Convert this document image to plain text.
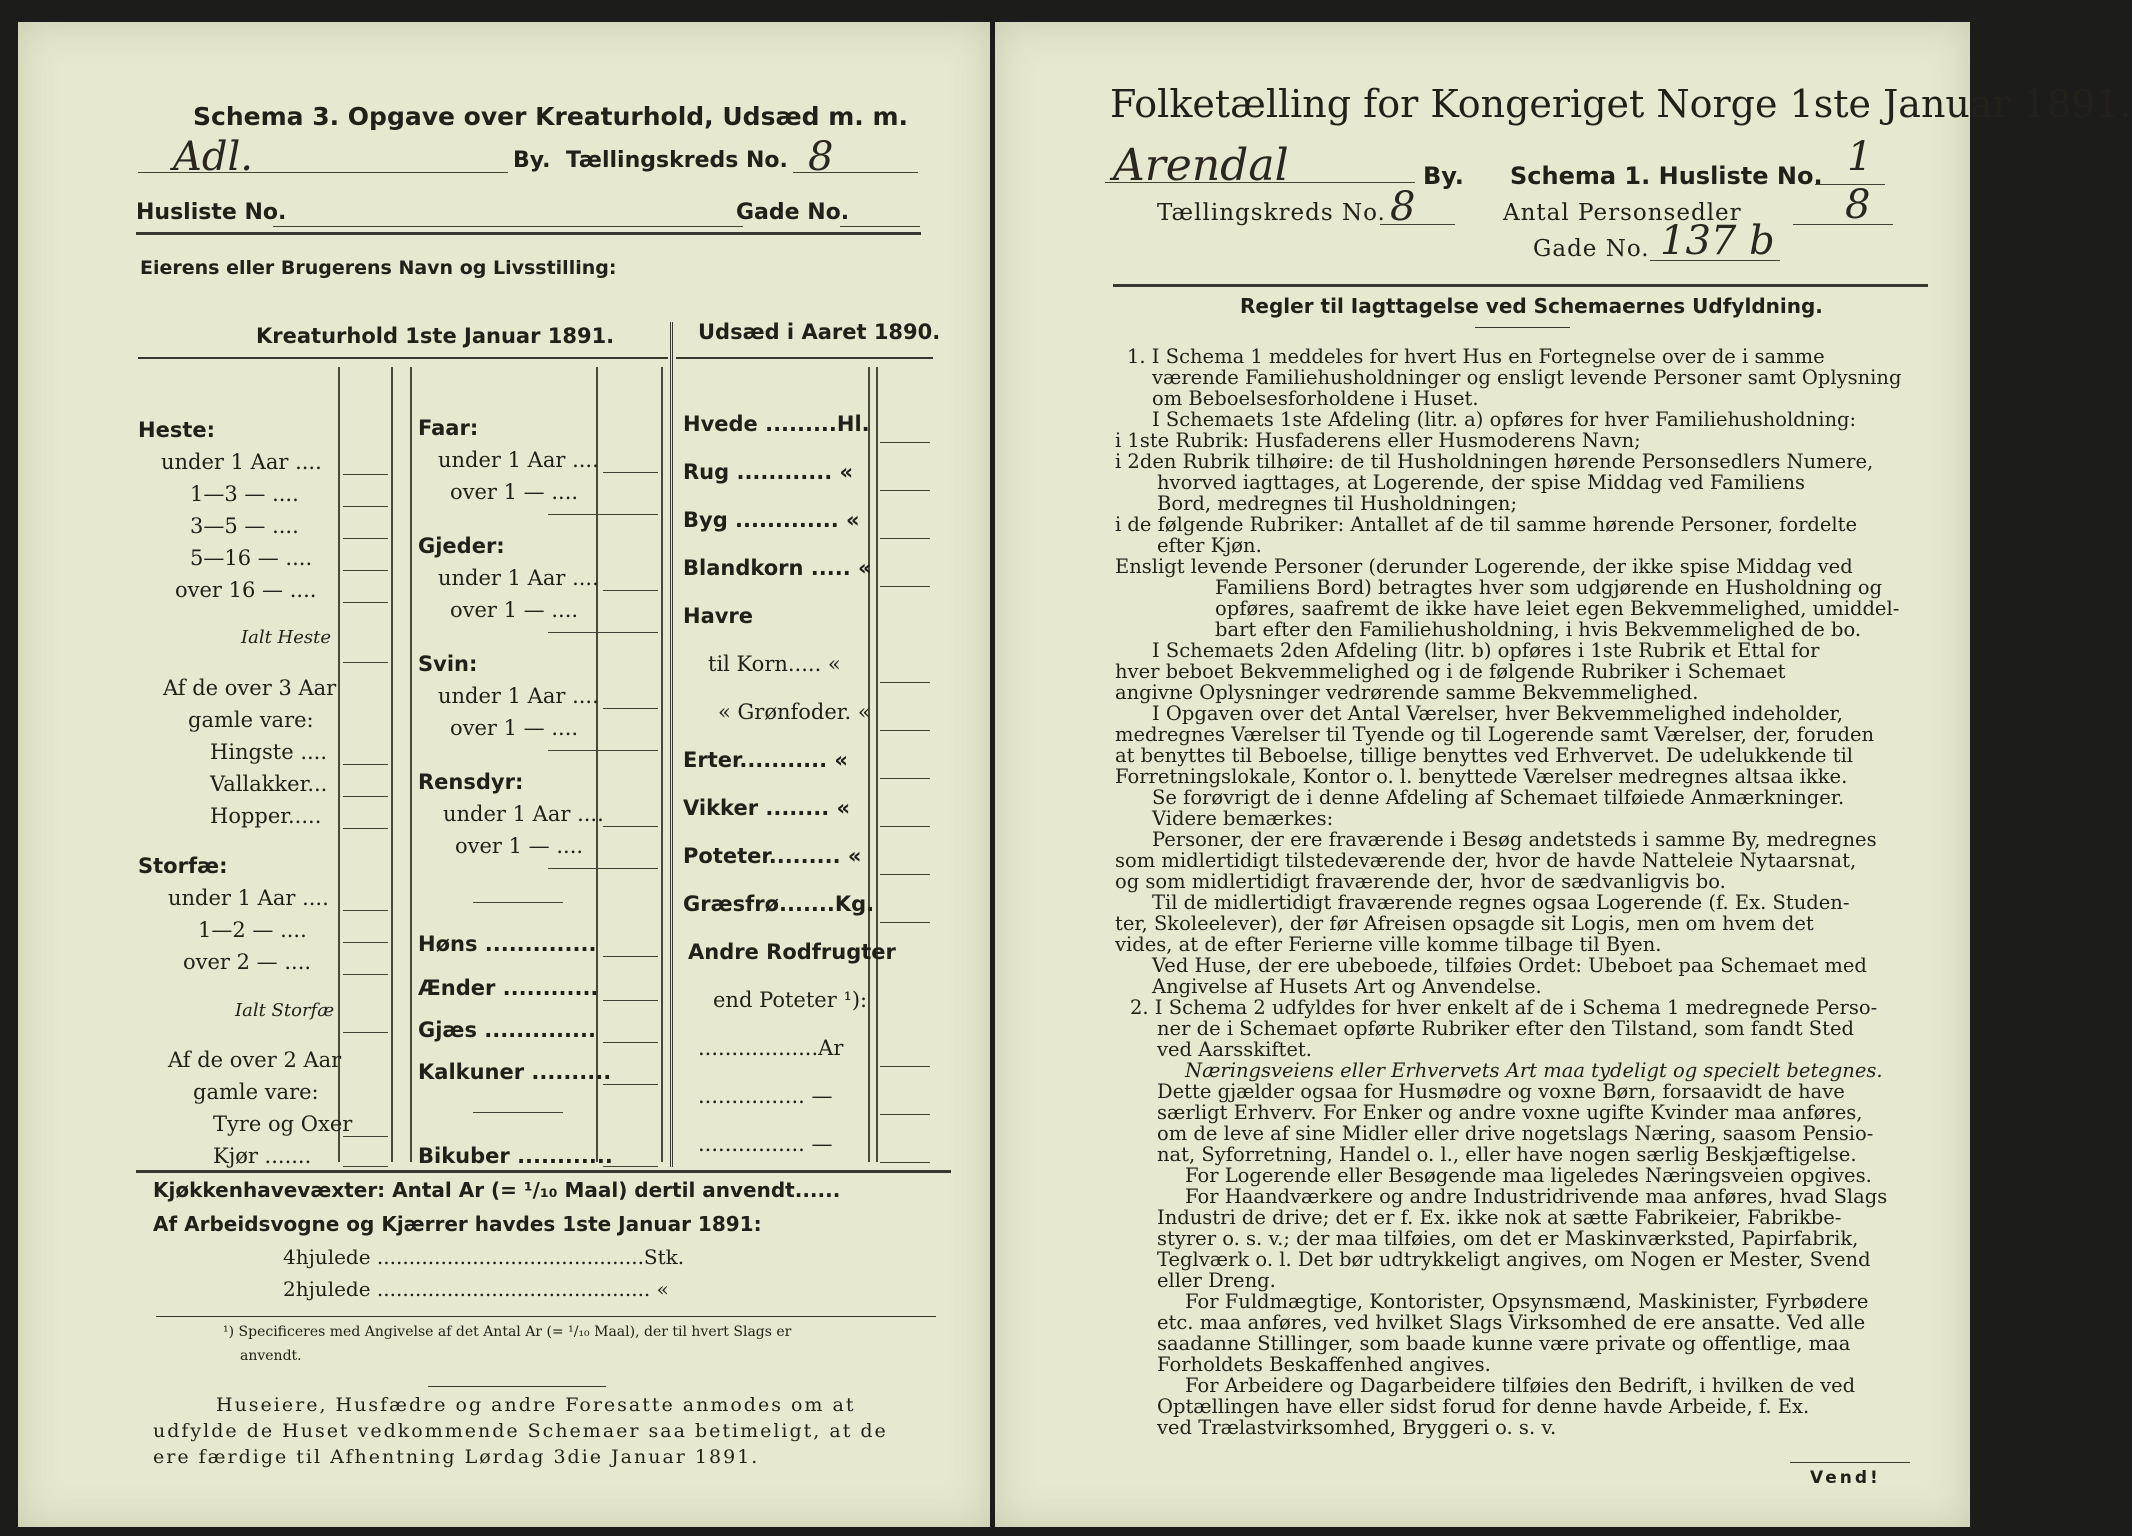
Schema 3. Opgave over Kreaturhold, Udsæd m. m.
Adl.	By. Tællingskreds No. 8
Husliste No.	Gade No.
Eierens eller Brugerens Navn og Livsstilling:
Kreaturhold 1ste Januar 1891.	Udsæd i Aaret 1890.
Heste:
under 1 Aar ....
1—3 — ....
3—5 — ....
5—16 — ....
over 16 — ....
Ialt Heste
Af de over 3 Aar
gamle vare:
Hingste ....
Vallakker...
Hopper.....
Storfæ:
under 1 Aar ....
1—2 — ....
over 2 — ....
Ialt Storfæ
Af de over 2 Aar
gamle vare:
Tyre og Oxer
Kjør .......
Faar:
under 1 Aar ....
over 1 — ....
Gjeder:
under 1 Aar ....
over 1 — ....
Svin:
under 1 Aar ....
over 1 — ....
Rensdyr:
under 1 Aar ....
over 1 — ....
Høns ..............
Ænder ............
Gjæs ..............
Kalkuner ..........
Bikuber ............
Hvede .........Hl.
Rug ............ «
Byg ............. «
Blandkorn ..... «
Havre
til Korn..... «
« Grønfoder. «
Erter........... «
Vikker ........ «
Poteter......... «
Græsfrø.......Kg.
Andre Rodfrugter
end Poteter ¹):
..................Ar
................ —
................ —
Kjøkkenhavevæxter: Antal Ar (= ¹/₁₀ Maal) dertil anvendt......
Af Arbeidsvogne og Kjærrer havdes 1ste Januar 1891:
4hjulede ..........................................Stk.
2hjulede ........................................... «
¹) Specificeres med Angivelse af det Antal Ar (= ¹/₁₀ Maal), der til hvert Slags er
anvendt.
Huseiere, Husfædre og andre Foresatte anmodes om at
udfylde de Huset vedkommende Schemaer saa betimeligt, at de
ere færdige til Afhentning Lørdag 3die Januar 1891.
Folketælling for Kongeriget Norge 1ste Januar 1891.
Arendal	By. Schema 1. Husliste No. 1
Tællingskreds No. 8	Antal Personsedler	8
Gade No. 137 b
Regler til Iagttagelse ved Schemaernes Udfyldning.
1. I Schema 1 meddeles for hvert Hus en Fortegnelse over de i samme
værende Familiehusholdninger og ensligt levende Personer samt Oplysning
om Beboelsesforholdene i Huset.
I Schemaets 1ste Afdeling (litr. a) opføres for hver Familiehusholdning:
i 1ste Rubrik: Husfaderens eller Husmoderens Navn;
i 2den Rubrik tilhøire: de til Husholdningen hørende Personsedlers Numere,
hvorved iagttages, at Logerende, der spise Middag ved Familiens
Bord, medregnes til Husholdningen;
i de følgende Rubriker: Antallet af de til samme hørende Personer, fordelte
efter Kjøn.
Ensligt levende Personer (derunder Logerende, der ikke spise Middag ved
Familiens Bord) betragtes hver som udgjørende en Husholdning og
opføres, saafremt de ikke have leiet egen Bekvemmelighed, umiddel-
bart efter den Familiehusholdning, i hvis Bekvemmelighed de bo.
I Schemaets 2den Afdeling (litr. b) opføres i 1ste Rubrik et Ettal for
hver beboet Bekvemmelighed og i de følgende Rubriker i Schemaet
angivne Oplysninger vedrørende samme Bekvemmelighed.
I Opgaven over det Antal Værelser, hver Bekvemmelighed indeholder,
medregnes Værelser til Tyende og til Logerende samt Værelser, der, foruden
at benyttes til Beboelse, tillige benyttes ved Erhvervet. De udelukkende til
Forretningslokale, Kontor o. l. benyttede Værelser medregnes altsaa ikke.
Se forøvrigt de i denne Afdeling af Schemaet tilføiede Anmærkninger.
Videre bemærkes:
Personer, der ere fraværende i Besøg andetsteds i samme By, medregnes
som midlertidigt tilstedeværende der, hvor de havde Natteleie Nytaarsnat,
og som midlertidigt fraværende der, hvor de sædvanligvis bo.
Til de midlertidigt fraværende regnes ogsaa Logerende (f. Ex. Studen-
ter, Skoleelever), der før Afreisen opsagde sit Logis, men om hvem det
vides, at de efter Ferierne ville komme tilbage til Byen.
Ved Huse, der ere ubeboede, tilføies Ordet: Ubeboet paa Schemaet med
Angivelse af Husets Art og Anvendelse.
2. I Schema 2 udfyldes for hver enkelt af de i Schema 1 medregnede Perso-
ner de i Schemaet opførte Rubriker efter den Tilstand, som fandt Sted
ved Aarsskiftet.
Næringsveiens eller Erhvervets Art maa tydeligt og specielt betegnes.
Dette gjælder ogsaa for Husmødre og voxne Børn, forsaavidt de have
særligt Erhverv. For Enker og andre voxne ugifte Kvinder maa anføres,
om de leve af sine Midler eller drive nogetslags Næring, saasom Pensio-
nat, Syforretning, Handel o. l., eller have nogen særlig Beskjæftigelse.
For Logerende eller Besøgende maa ligeledes Næringsveien opgives.
For Haandværkere og andre Industridrivende maa anføres, hvad Slags
Industri de drive; det er f. Ex. ikke nok at sætte Fabrikeier, Fabrikbe-
styrer o. s. v.; der maa tilføies, om det er Maskinværksted, Papirfabrik,
Teglværk o. l. Det bør udtrykkeligt angives, om Nogen er Mester, Svend
eller Dreng.
For Fuldmægtige, Kontorister, Opsynsmænd, Maskinister, Fyrbødere
etc. maa anføres, ved hvilket Slags Virksomhed de ere ansatte. Ved alle
saadanne Stillinger, som baade kunne være private og offentlige, maa
Forholdets Beskaffenhed angives.
For Arbeidere og Dagarbeidere tilføies den Bedrift, i hvilken de ved
Optællingen have eller sidst forud for denne havde Arbeide, f. Ex.
ved Trælastvirksomhed, Bryggeri o. s. v.
Vend!
